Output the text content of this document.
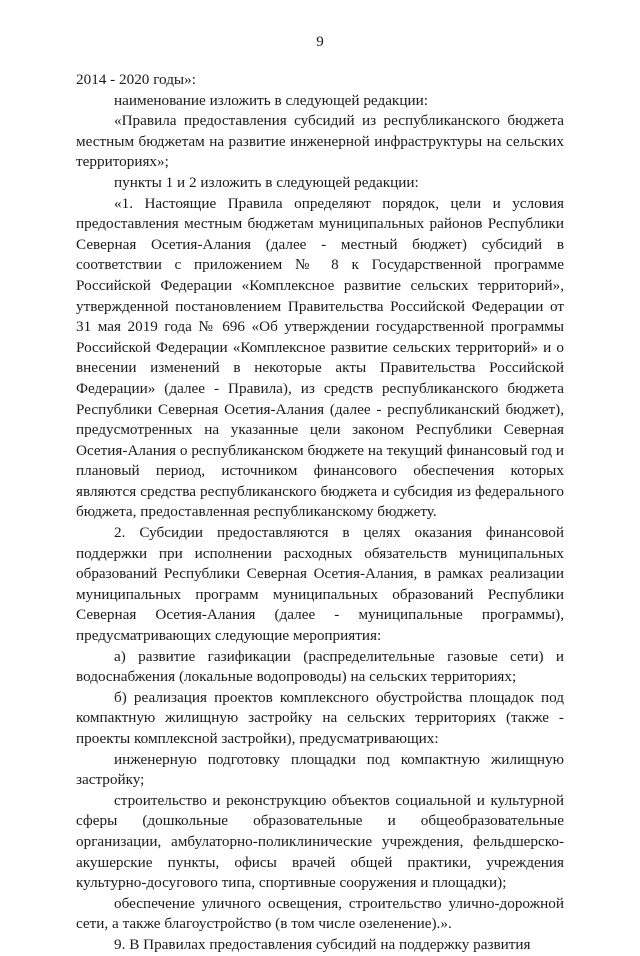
9

2014 - 2020 годы»:

наименование изложить в следующей редакции:

«Правила предоставления субсидий из республиканского бюджета местным бюджетам на развитие инженерной инфраструктуры на сельских территориях»;

пункты 1 и 2 изложить в следующей редакции:

«1. Настоящие Правила определяют порядок, цели и условия предоставления местным бюджетам муниципальных районов Республики Северная Осетия-Алания (далее - местный бюджет) субсидий в соответствии с приложением № 8 к Государственной программе Российской Федерации «Комплексное развитие сельских территорий», утвержденной постановлением Правительства Российской Федерации от 31 мая 2019 года № 696 «Об утверждении государственной программы Российской Федерации «Комплексное развитие сельских территорий» и о внесении изменений в некоторые акты Правительства Российской Федерации» (далее - Правила), из средств республиканского бюджета Республики Северная Осетия-Алания (далее - республиканский бюджет), предусмотренных на указанные цели законом Республики Северная Осетия-Алания о республиканском бюджете на текущий финансовый год и плановый период, источником финансового обеспечения которых являются средства республиканского бюджета и субсидия из федерального бюджета, предоставленная республиканскому бюджету.

2. Субсидии предоставляются в целях оказания финансовой поддержки при исполнении расходных обязательств муниципальных образований Республики Северная Осетия-Алания, в рамках реализации муниципальных программ муниципальных образований Республики Северная Осетия-Алания (далее - муниципальные программы), предусматривающих следующие мероприятия:

а) развитие газификации (распределительные газовые сети) и водоснабжения (локальные водопроводы) на сельских территориях;

б) реализация проектов комплексного обустройства площадок под компактную жилищную застройку на сельских территориях (также - проекты комплексной застройки), предусматривающих:

инженерную подготовку площадки под компактную жилищную застройку;

строительство и реконструкцию объектов социальной и культурной сферы (дошкольные образовательные и общеобразовательные организации, амбулаторно-поликлинические учреждения, фельдшерско-акушерские пункты, офисы врачей общей практики, учреждения культурно-досугового типа, спортивные сооружения и площадки);

обеспечение уличного освещения, строительство улично-дорожной сети, а также благоустройство (в том числе озеленение).».

9. В Правилах предоставления субсидий на поддержку развития
